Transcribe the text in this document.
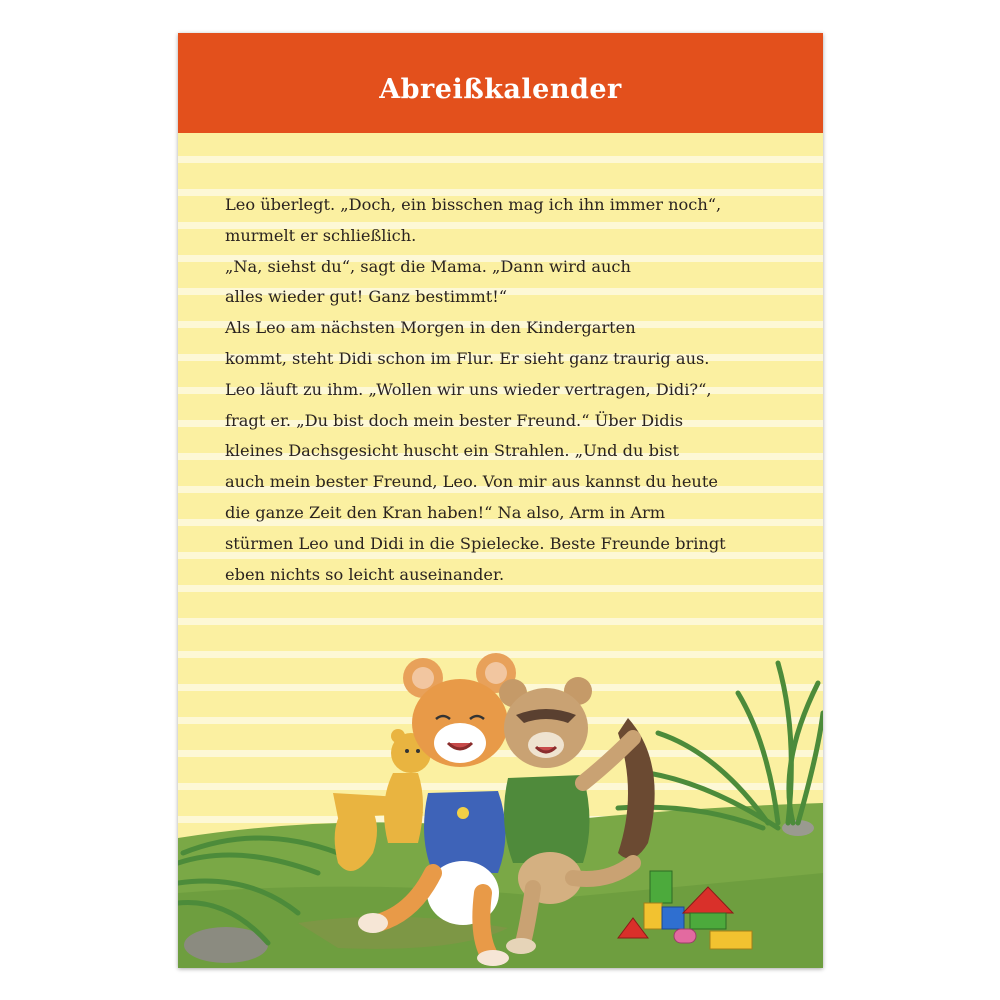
Abreißkalender
Leo überlegt. „Doch, ein bisschen mag ich ihn immer noch“,
murmelt er schließlich.
„Na, siehst du“, sagt die Mama. „Dann wird auch
alles wieder gut! Ganz bestimmt!“
Als Leo am nächsten Morgen in den Kindergarten
kommt, steht Didi schon im Flur. Er sieht ganz traurig aus.
Leo läuft zu ihm. „Wollen wir uns wieder vertragen, Didi?“,
fragt er. „Du bist doch mein bester Freund.“ Über Didis
kleines Dachsgesicht huscht ein Strahlen. „Und du bist
auch mein bester Freund, Leo. Von mir aus kannst du heute
die ganze Zeit den Kran haben!“ Na also, Arm in Arm
stürmen Leo und Didi in die Spielecke. Beste Freunde bringt
eben nichts so leicht auseinander.
